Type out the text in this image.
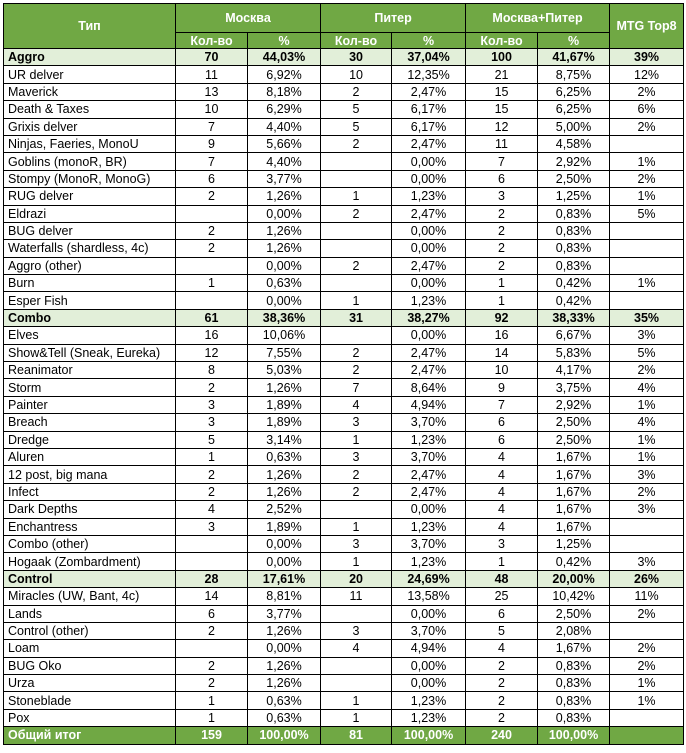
Тип	Москва		Питер		Москва+Питер		MTG Top8
	Кол-во	%	Кол-во	%	Кол-во	%	
Aggro	70	44,03%	30	37,04%	100	41,67%	39%
UR delver	11	6,92%	10	12,35%	21	8,75%	12%
Maverick	13	8,18%	2	2,47%	15	6,25%	2%
Death & Taxes	10	6,29%	5	6,17%	15	6,25%	6%
Grixis delver	7	4,40%	5	6,17%	12	5,00%	2%
Ninjas, Faeries, MonoU	9	5,66%	2	2,47%	11	4,58%	
Goblins (monoR, BR)	7	4,40%		0,00%	7	2,92%	1%
Stompy (MonoR, MonoG)	6	3,77%		0,00%	6	2,50%	2%
RUG delver	2	1,26%	1	1,23%	3	1,25%	1%
Eldrazi		0,00%	2	2,47%	2	0,83%	5%
BUG delver	2	1,26%		0,00%	2	0,83%	
Waterfalls (shardless, 4c)	2	1,26%		0,00%	2	0,83%	
Aggro (other)		0,00%	2	2,47%	2	0,83%	
Burn	1	0,63%		0,00%	1	0,42%	1%
Esper Fish		0,00%	1	1,23%	1	0,42%	
Combo	61	38,36%	31	38,27%	92	38,33%	35%
Elves	16	10,06%		0,00%	16	6,67%	3%
Show&Tell (Sneak, Eureka)	12	7,55%	2	2,47%	14	5,83%	5%
Reanimator	8	5,03%	2	2,47%	10	4,17%	2%
Storm	2	1,26%	7	8,64%	9	3,75%	4%
Painter	3	1,89%	4	4,94%	7	2,92%	1%
Breach	3	1,89%	3	3,70%	6	2,50%	4%
Dredge	5	3,14%	1	1,23%	6	2,50%	1%
Aluren	1	0,63%	3	3,70%	4	1,67%	1%
12 post, big mana	2	1,26%	2	2,47%	4	1,67%	3%
Infect	2	1,26%	2	2,47%	4	1,67%	2%
Dark Depths	4	2,52%		0,00%	4	1,67%	3%
Enchantress	3	1,89%	1	1,23%	4	1,67%	
Combo (other)		0,00%	3	3,70%	3	1,25%	
Hogaak (Zombardment)		0,00%	1	1,23%	1	0,42%	3%
Control	28	17,61%	20	24,69%	48	20,00%	26%
Miracles (UW, Bant, 4c)	14	8,81%	11	13,58%	25	10,42%	11%
Lands	6	3,77%		0,00%	6	2,50%	2%
Control (other)	2	1,26%	3	3,70%	5	2,08%	
Loam		0,00%	4	4,94%	4	1,67%	2%
BUG Oko	2	1,26%		0,00%	2	0,83%	2%
Urza	2	1,26%		0,00%	2	0,83%	1%
Stoneblade	1	0,63%	1	1,23%	2	0,83%	1%
Pox	1	0,63%	1	1,23%	2	0,83%	
Общий итог	159	100,00%	81	100,00%	240	100,00%	
